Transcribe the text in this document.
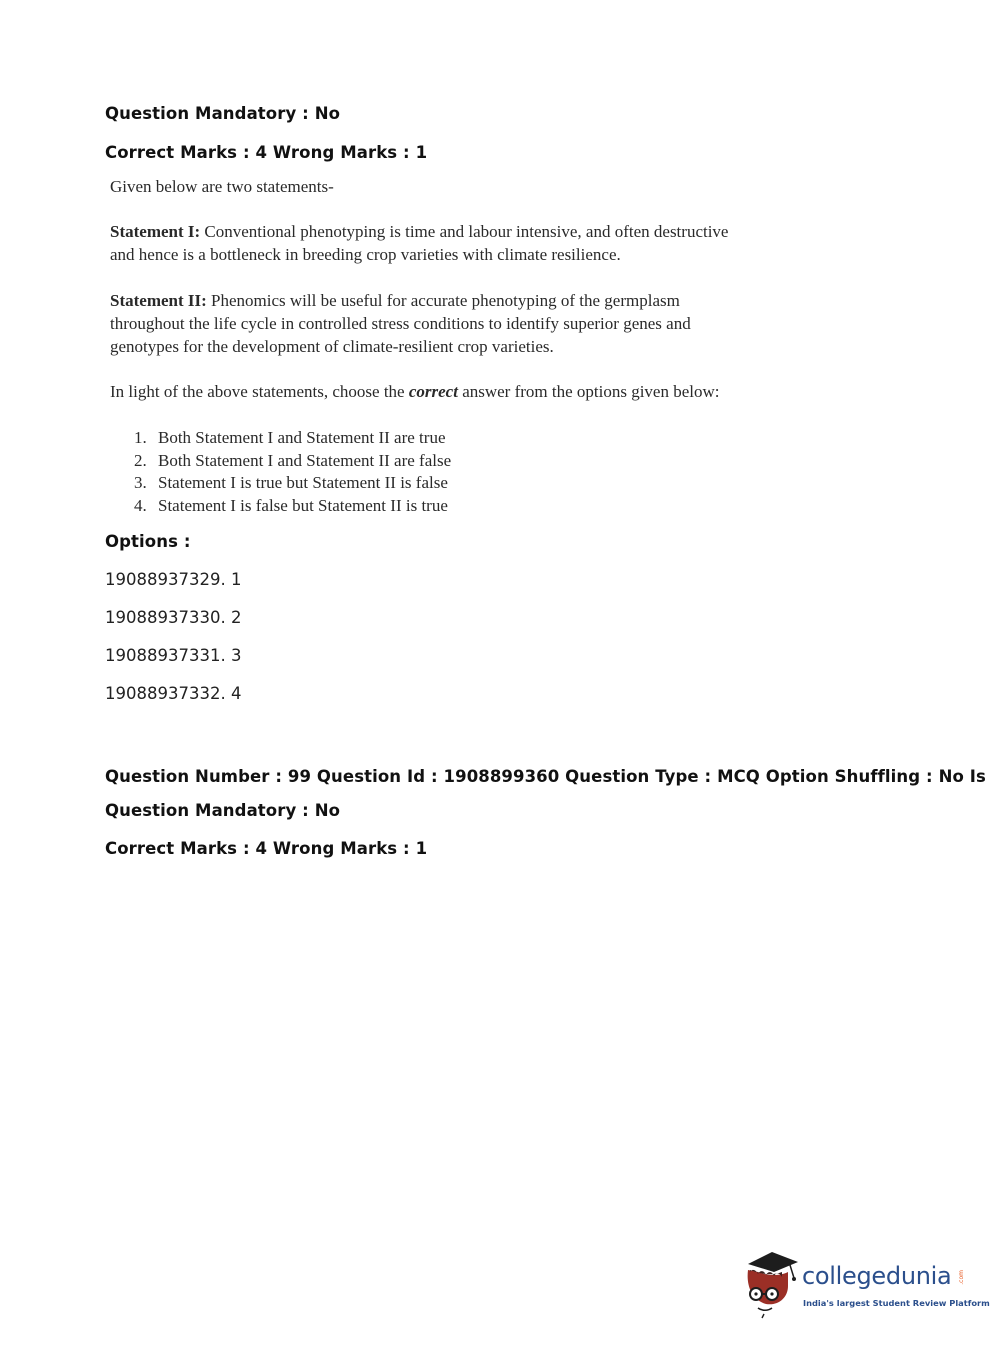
Question Mandatory : No
Correct Marks : 4 Wrong Marks : 1

Given below are two statements-

Statement I: Conventional phenotyping is time and labour intensive, and often destructive and hence is a bottleneck in breeding crop varieties with climate resilience.

Statement II: Phenomics will be useful for accurate phenotyping of the germplasm throughout the life cycle in controlled stress conditions to identify superior genes and genotypes for the development of climate-resilient crop varieties.

In light of the above statements, choose the correct answer from the options given below:

1. Both Statement I and Statement II are true
2. Both Statement I and Statement II are false
3. Statement I is true but Statement II is false
4. Statement I is false but Statement II is true
Options :
19088937329. 1
19088937330. 2
19088937331. 3
19088937332. 4
Question Number : 99 Question Id : 1908899360 Question Type : MCQ Option Shuffling : No Is
Question Mandatory : No
Correct Marks : 4 Wrong Marks : 1
collegedunia .com
India's largest Student Review Platform
